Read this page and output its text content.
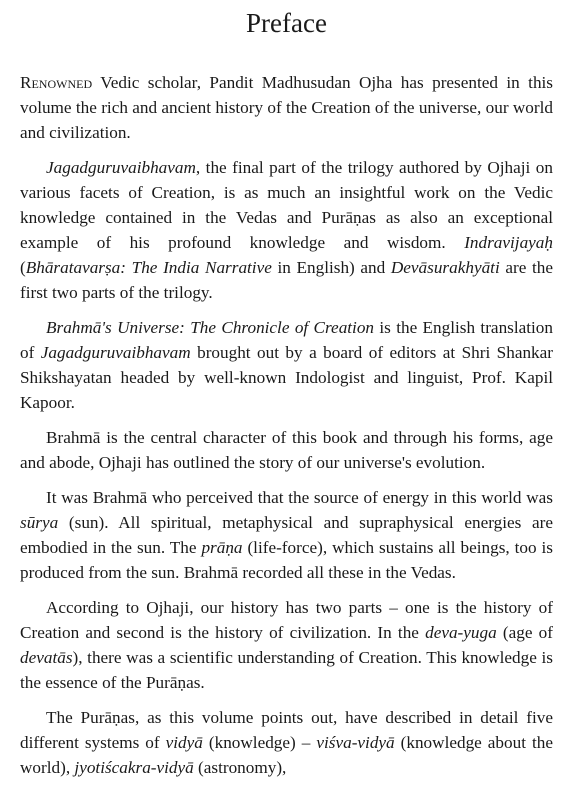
Preface

Renowned Vedic scholar, Pandit Madhusudan Ojha has presented in this volume the rich and ancient history of the Creation of the universe, our world and civilization.

Jagadguruvaibhavam, the final part of the trilogy authored by Ojhaji on various facets of Creation, is as much an insightful work on the Vedic knowledge contained in the Vedas and Purāṇas as also an exceptional example of his profound knowledge and wisdom. Indravijayaḥ (Bhāratavarṣa: The India Narrative in English) and Devāsurakhyāti are the first two parts of the trilogy.

Brahmā's Universe: The Chronicle of Creation is the English translation of Jagadguruvaibhavam brought out by a board of editors at Shri Shankar Shikshayatan headed by well-known Indologist and linguist, Prof. Kapil Kapoor.

Brahmā is the central character of this book and through his forms, age and abode, Ojhaji has outlined the story of our universe's evolution.

It was Brahmā who perceived that the source of energy in this world was sūrya (sun). All spiritual, metaphysical and supraphysical energies are embodied in the sun. The prāṇa (life-force), which sustains all beings, too is produced from the sun. Brahmā recorded all these in the Vedas.

According to Ojhaji, our history has two parts – one is the history of Creation and second is the history of civilization. In the deva-yuga (age of devatās), there was a scientific understanding of Creation. This knowledge is the essence of the Purāṇas.

The Purāṇas, as this volume points out, have described in detail five different systems of vidyā (knowledge) – viśva-vidyā (knowledge about the world), jyotiścakra-vidyā (astronomy),
